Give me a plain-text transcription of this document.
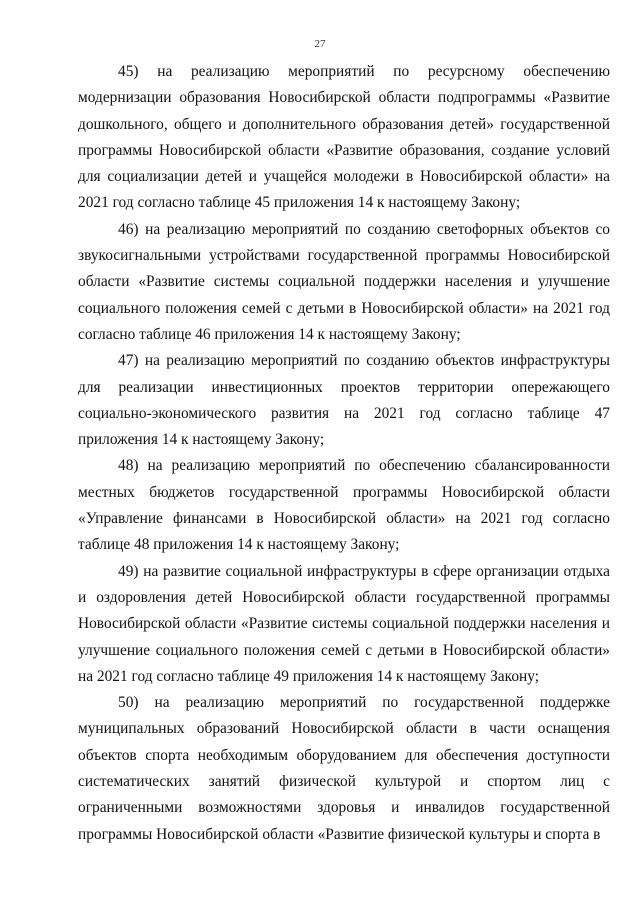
27

45) на реализацию мероприятий по ресурсному обеспечению модернизации образования Новосибирской области подпрограммы «Развитие дошкольного, общего и дополнительного образования детей» государственной программы Новосибирской области «Развитие образования, создание условий для социализации детей и учащейся молодежи в Новосибирской области» на 2021 год согласно таблице 45 приложения 14 к настоящему Закону;

46) на реализацию мероприятий по созданию светофорных объектов со звукосигнальными устройствами государственной программы Новосибирской области «Развитие системы социальной поддержки населения и улучшение социального положения семей с детьми в Новосибирской области» на 2021 год согласно таблице 46 приложения 14 к настоящему Закону;

47) на реализацию мероприятий по созданию объектов инфраструктуры для реализации инвестиционных проектов территории опережающего социально-экономического развития на 2021 год согласно таблице 47 приложения 14 к настоящему Закону;

48) на реализацию мероприятий по обеспечению сбалансированности местных бюджетов государственной программы Новосибирской области «Управление финансами в Новосибирской области» на 2021 год согласно таблице 48 приложения 14 к настоящему Закону;

49) на развитие социальной инфраструктуры в сфере организации отдыха и оздоровления детей Новосибирской области государственной программы Новосибирской области «Развитие системы социальной поддержки населения и улучшение социального положения семей с детьми в Новосибирской области» на 2021 год согласно таблице 49 приложения 14 к настоящему Закону;

50) на реализацию мероприятий по государственной поддержке муниципальных образований Новосибирской области в части оснащения объектов спорта необходимым оборудованием для обеспечения доступности систематических занятий физической культурой и спортом лиц с ограниченными возможностями здоровья и инвалидов государственной программы Новосибирской области «Развитие физической культуры и спорта в
